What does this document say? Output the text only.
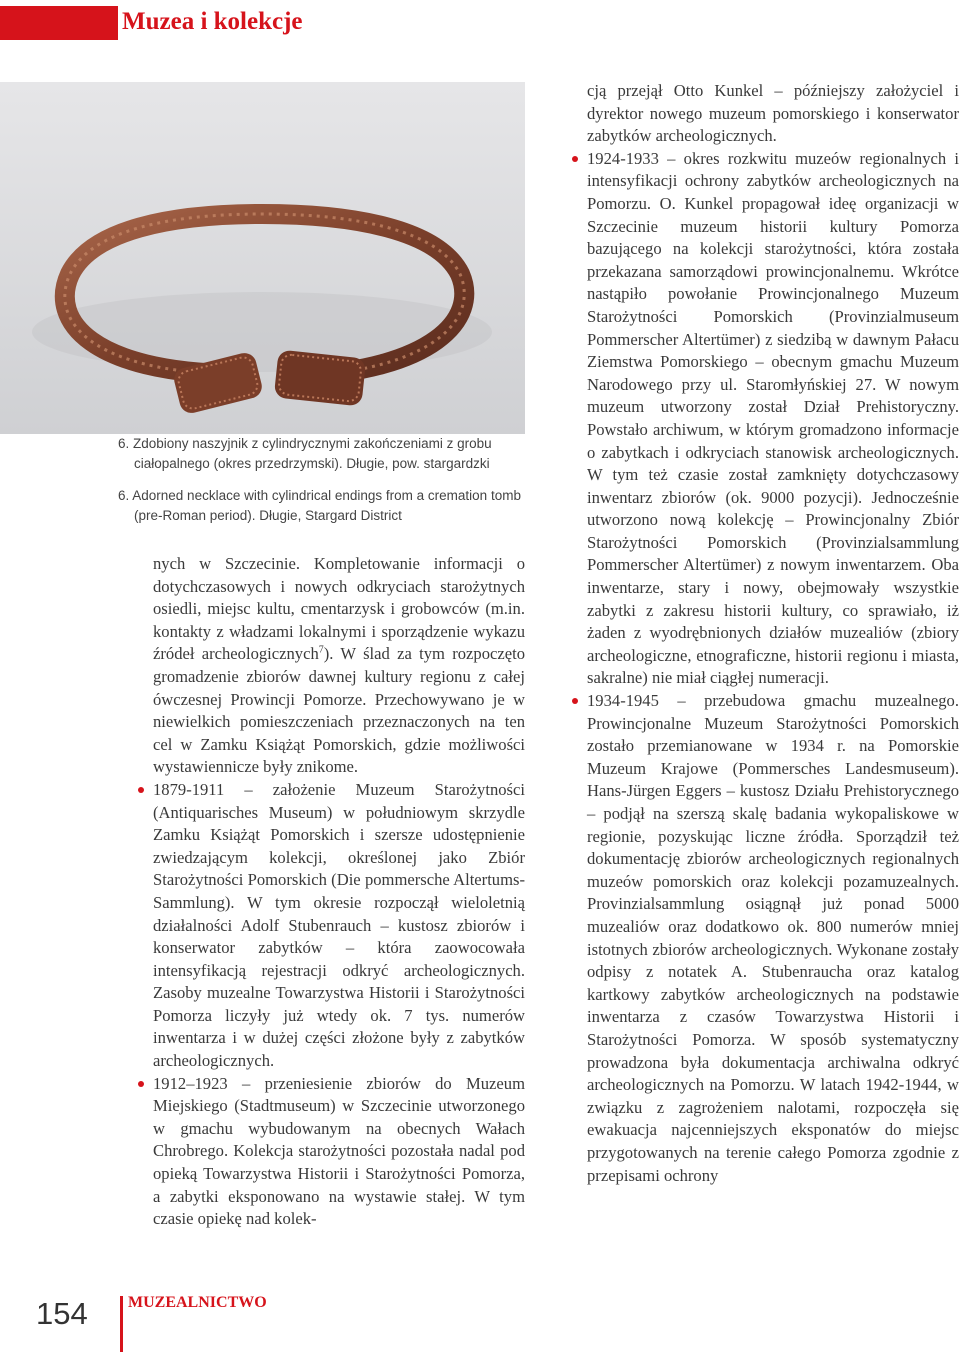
Muzea i kolekcje

6. Zdobiony naszyjnik z cylindrycznymi zakończeniami z grobu ciałopalnego (okres przedrzymski). Długie, pow. stargardzki

6. Adorned necklace with cylindrical endings from a cremation tomb (pre-Roman period). Długie, Stargard District

nych w Szczecinie. Kompletowanie informacji o dotychczasowych i nowych odkryciach starożytnych osiedli, miejsc kultu, cmentarzysk i grobowców (m.in. kontakty z władzami lokalnymi i sporządzenie wykazu źródeł archeologicznych$^7$). W ślad za tym rozpoczęto gromadzenie zbiorów dawnej kultury regionu z całej ówczesnej Prowincji Pomorze. Przechowywano je w niewielkich pomieszczeniach przeznaczonych na ten cel w Zamku Książąt Pomorskich, gdzie możliwości wystawiennicze były znikome.

1879-1911 – założenie Muzeum Starożytności (Antiquarisches Museum) w południowym skrzydle Zamku Książąt Pomorskich i szersze udostępnienie zwiedzającym kolekcji, określonej jako Zbiór Starożytności Pomorskich (Die pommersche Altertums-Sammlung). W tym okresie rozpoczął wieloletnią działalności Adolf Stubenrauch – kustosz zbiorów i konserwator zabytków – która zaowocowała intensyfikacją rejestracji odkryć archeologicznych. Zasoby muzealne Towarzystwa Historii i Starożytności Pomorza liczyły już wtedy ok. 7 tys. numerów inwentarza i w dużej części złożone były z zabytków archeologicznych.

1912–1923 – przeniesienie zbiorów do Muzeum Miejskiego (Stadtmuseum) w Szczecinie utworzonego w gmachu wybudowanym na obecnych Wałach Chrobrego. Kolekcja starożytności pozostała nadal pod opieką Towarzystwa Historii i Starożytności Pomorza, a zabytki eksponowano na wystawie stałej. W tym czasie opiekę nad kolek-

cją przejął Otto Kunkel – późniejszy założyciel i dyrektor nowego muzeum pomorskiego i konserwator zabytków archeologicznych.

1924-1933 – okres rozkwitu muzeów regionalnych i intensyfikacji ochrony zabytków archeologicznych na Pomorzu. O. Kunkel propagował ideę organizacji w Szczecinie muzeum historii kultury Pomorza bazującego na kolekcji starożytności, która została przekazana samorządowi prowincjonalnemu. Wkrótce nastąpiło powołanie Prowincjonalnego Muzeum Starożytności Pomorskich (Provinzialmuseum Pommerscher Altertümer) z siedzibą w dawnym Pałacu Ziemstwa Pomorskiego – obecnym gmachu Muzeum Narodowego przy ul. Staromłyńskiej 27. W nowym muzeum utworzony został Dział Prehistoryczny. Powstało archiwum, w którym gromadzono informacje o zabytkach i odkryciach stanowisk archeologicznych. W tym też czasie został zamknięty dotychczasowy inwentarz zbiorów (ok. 9000 pozycji). Jednocześnie utworzono nową kolekcję – Prowincjonalny Zbiór Starożytności Pomorskich (Provinzialsammlung Pommerscher Altertümer) z nowym inwentarzem. Oba inwentarze, stary i nowy, obejmowały wszystkie zabytki z zakresu historii kultury, co sprawiało, iż żaden z wyodrębnionych działów muzealiów (zbiory archeologiczne, etnograficzne, historii regionu i miasta, sakralne) nie miał ciągłej numeracji.

1934-1945 – przebudowa gmachu muzealnego. Prowincjonalne Muzeum Starożytności Pomorskich zostało przemianowane w 1934 r. na Pomorskie Muzeum Krajowe (Pommersches Landesmuseum). Hans-Jürgen Eggers – kustosz Działu Prehistorycznego – podjął na szerszą skalę badania wykopaliskowe w regionie, pozyskując liczne źródła. Sporządził też dokumentację zbiorów archeologicznych regionalnych muzeów pomorskich oraz kolekcji pozamuzealnych. Provinzialsammlung osiągnął już ponad 5000 muzealiów oraz dodatkowo ok. 800 numerów mniej istotnych zbiorów archeologicznych. Wykonane zostały odpisy z notatek A. Stubenraucha oraz katalog kartkowy zabytków archeologicznych na podstawie inwentarza z czasów Towarzystwa Historii i Starożytności Pomorza. W sposób systematyczny prowadzona była dokumentacja archiwalna odkryć archeologicznych na Pomorzu. W latach 1942-1944, w związku z zagrożeniem nalotami, rozpoczęła się ewakuacja najcenniejszych eksponatów do miejsc przygotowanych na terenie całego Pomorza zgodnie z przepisami ochrony

154	MUZEALNICTWO
